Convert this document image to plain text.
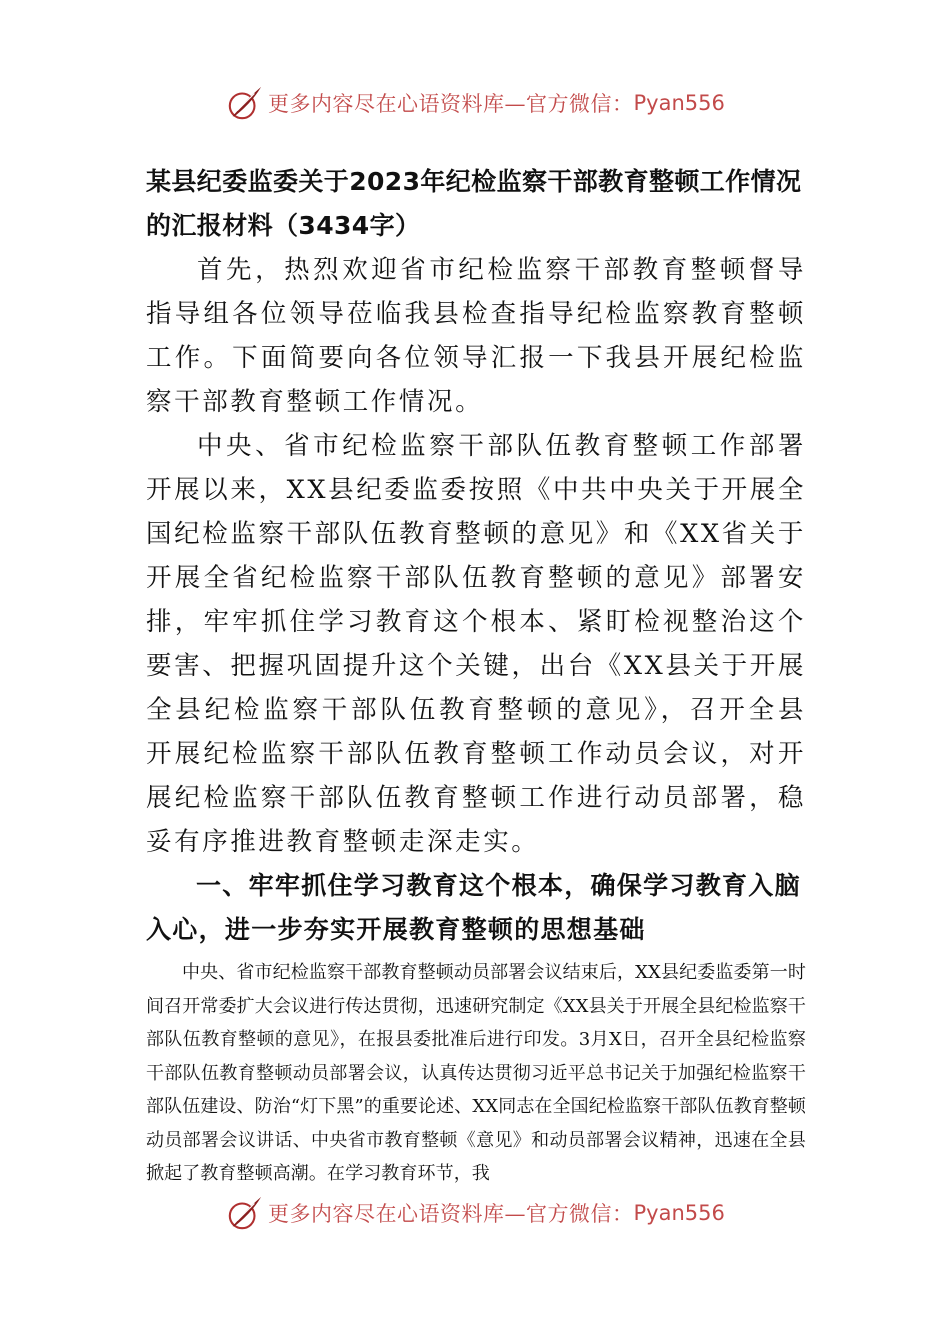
更多内容尽在心语资料库—官方微信： Pyan556
某县纪委监委关于2023年纪检监察干部教育整顿工作情况的汇报材料（3434字）

首先，热烈欢迎省市纪检监察干部教育整顿督导指导组各位领导莅临我县检查指导纪检监察教育整顿工作。下面简要向各位领导汇报一下我县开展纪检监察干部教育整顿工作情况。

中央、省市纪检监察干部队伍教育整顿工作部署开展以来，XX县纪委监委按照《中共中央关于开展全国纪检监察干部队伍教育整顿的意见》和《XX省关于开展全省纪检监察干部队伍教育整顿的意见》部署安排，牢牢抓住学习教育这个根本、紧盯检视整治这个要害、把握巩固提升这个关键，出台《XX县关于开展全县纪检监察干部队伍教育整顿的意见》，召开全县开展纪检监察干部队伍教育整顿工作动员会议，对开展纪检监察干部队伍教育整顿工作进行动员部署，稳妥有序推进教育整顿走深走实。

一、牢牢抓住学习教育这个根本，确保学习教育入脑入心，进一步夯实开展教育整顿的思想基础

中央、省市纪检监察干部教育整顿动员部署会议结束后，XX县纪委监委第一时间召开常委扩大会议进行传达贯彻，迅速研究制定《XX县关于开展全县纪检监察干部队伍教育整顿的意见》，在报县委批准后进行印发。3月X日，召开全县纪检监察干部队伍教育整顿动员部署会议，认真传达贯彻习近平总书记关于加强纪检监察干部队伍建设、防治“灯下黑”的重要论述、XX同志在全国纪检监察干部队伍教育整顿动员部署会议讲话、中央省市教育整顿《意见》和动员部署会议精神，迅速在全县掀起了教育整顿高潮。在学习教育环节，我

更多内容尽在心语资料库—官方微信： Pyan556
